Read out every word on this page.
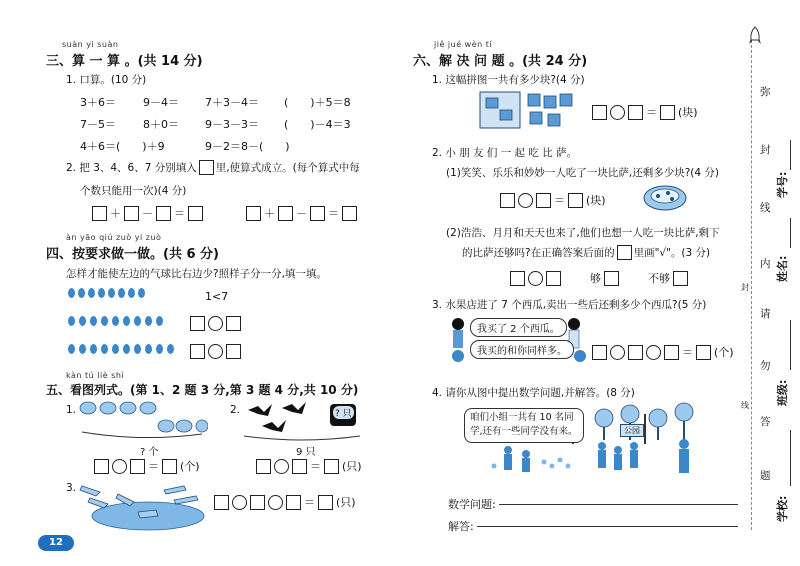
suàn yi suàn
三、算 一 算 。(共 14 分)
1. 口算。(10 分)
3＋6＝ 9－4＝ 7＋3－4＝ (　　)＋5＝8
7－5＝ 8＋0＝ 9－3－3＝ (　　)－4＝3
4＋6＝(　　)＋9	9－2＝8－(　　)
2. 把 3、4、6、7 分别填入 里,使算式成立。(每个算式中每
个数只能用一次)(4 分)
＋ － ＝	＋ － ＝
àn yāo qiú zuò yi zuò
四、按要求做一做。(共 6 分)
怎样才能使左边的气球比右边少?照样子分一分,填一填。
1<7
kàn tú liè shì
五、看图列式。(第 1、2 题 3 分,第 3 题 4 分,共 10 分)
1.
? 个
＝ (个)
2.	? 只
9 只
＝ (只)
3.
＝ (只)
12
jiě jué wèn tí
六、解 决 问 题 。(共 24 分)
1. 这幅拼图一共有多少块?(4 分)
＝ (块)
2. 小 朋 友 们 一 起 吃 比 萨。
(1)笑笑、乐乐和妙妙一人吃了一块比萨,还剩多少块?(4 分)
＝ (块)
(2)浩浩、月月和天天也来了,他们也想一人吃一块比萨,剩下
的比萨还够吗?在正确答案后面的 里画"√"。(3 分)
够	不够
3. 水果店进了 7 个西瓜,卖出一些后还剩多少个西瓜?(5 分)
我买了 2 个西瓜。
我买的和你同样多。	＝ (个)
4. 请你从图中提出数学问题,并解答。(8 分)
咱们小组一共有 10 名同
学,还有一些同学没有来。	公园
数学问题:
解答:
弥
封
线
内
请
勿
答
题
封
线
学号:
姓名:
班级:
学校:
